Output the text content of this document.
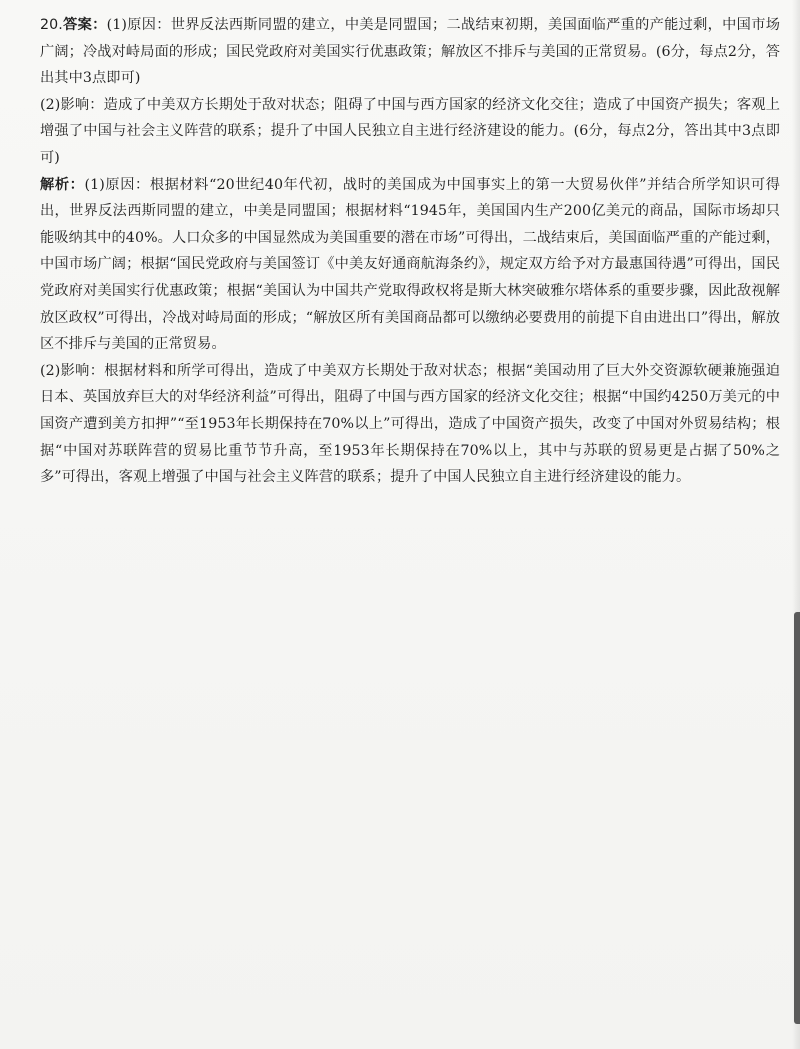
20.答案：(1)原因：世界反法西斯同盟的建立，中美是同盟国；二战结束初期，美国面临严重的产能过剩，中国市场广阔；冷战对峙局面的形成；国民党政府对美国实行优惠政策；解放区不排斥与美国的正常贸易。(6分，每点2分，答出其中3点即可)

(2)影响：造成了中美双方长期处于敌对状态；阻碍了中国与西方国家的经济文化交往；造成了中国资产损失；客观上增强了中国与社会主义阵营的联系；提升了中国人民独立自主进行经济建设的能力。(6分，每点2分，答出其中3点即可)

解析：(1)原因：根据材料“20世纪40年代初，战时的美国成为中国事实上的第一大贸易伙伴”并结合所学知识可得出，世界反法西斯同盟的建立，中美是同盟国；根据材料“1945年，美国国内生产200亿美元的商品，国际市场却只能吸纳其中的40%。人口众多的中国显然成为美国重要的潜在市场”可得出，二战结束后，美国面临严重的产能过剩，中国市场广阔；根据“国民党政府与美国签订《中美友好通商航海条约》，规定双方给予对方最惠国待遇”可得出，国民党政府对美国实行优惠政策；根据“美国认为中国共产党取得政权将是斯大林突破雅尔塔体系的重要步骤，因此敌视解放区政权”可得出，冷战对峙局面的形成；“解放区所有美国商品都可以缴纳必要费用的前提下自由进出口”得出，解放区不排斥与美国的正常贸易。

(2)影响：根据材料和所学可得出，造成了中美双方长期处于敌对状态；根据“美国动用了巨大外交资源软硬兼施强迫日本、英国放弃巨大的对华经济利益”可得出，阻碍了中国与西方国家的经济文化交往；根据“中国约4250万美元的中国资产遭到美方扣押”“至1953年长期保持在70%以上”可得出，造成了中国资产损失，改变了中国对外贸易结构；根据“中国对苏联阵营的贸易比重节节升高，至1953年长期保持在70%以上，其中与苏联的贸易更是占据了50%之多”可得出，客观上增强了中国与社会主义阵营的联系；提升了中国人民独立自主进行经济建设的能力。
